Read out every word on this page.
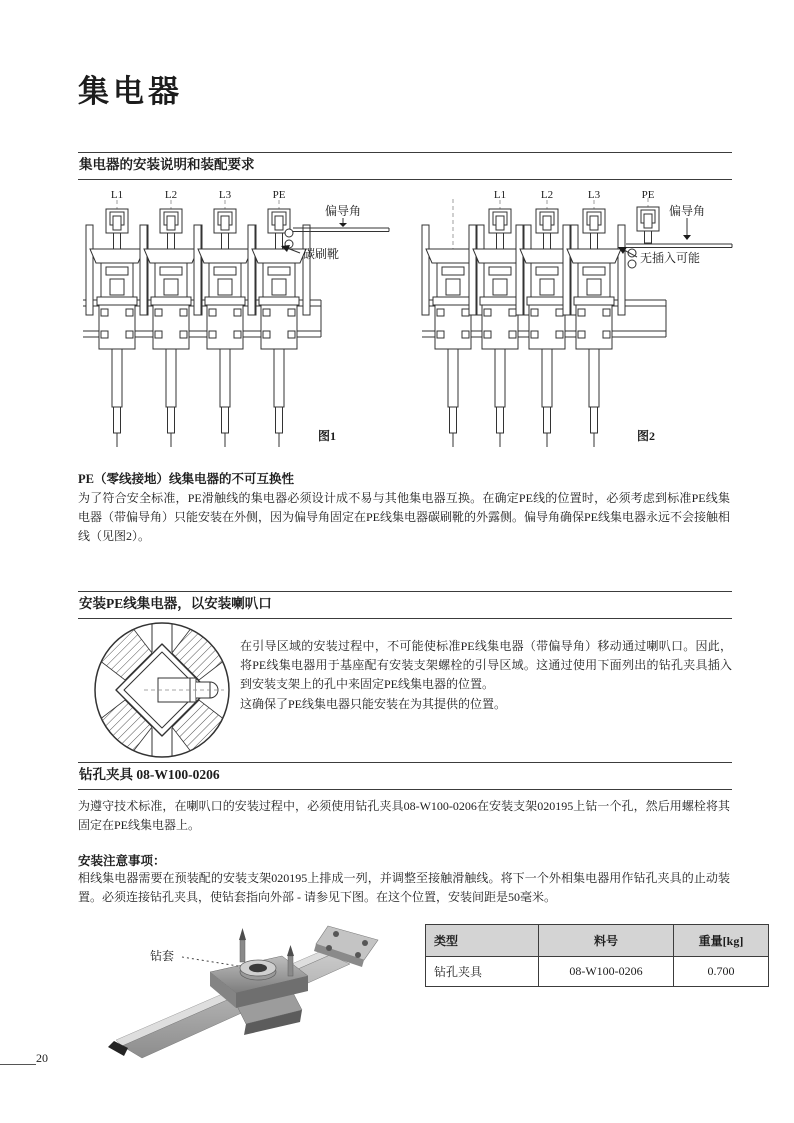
集电器
集电器的安装说明和装配要求
L1	L2	L3	PE
偏导角
碳刷靴
图1
L1	L2	L3	PE
偏导角
无插入可能
图2

PE（零线接地）线集电器的不可互换性

为了符合安全标准，PE滑触线的集电器必须设计成不易与其他集电器互换。在确定PE线的位置时，必须考虑到标准PE线集电器（带偏导角）只能安装在外侧，因为偏导角固定在PE线集电器碳刷靴的外露侧。偏导角确保PE线集电器永远不会接触相线（见图2）。

安装PE线集电器，以安装喇叭口

在引导区域的安装过程中，不可能使标准PE线集电器（带偏导角）移动通过喇叭口。因此，将PE线集电器用于基座配有安装支架螺栓的引导区域。这通过使用下面列出的钻孔夹具插入到安装支架上的孔中来固定PE线集电器的位置。

这确保了PE线集电器只能安装在为其提供的位置。

钻孔夹具 08-W100-0206

为遵守技术标准，在喇叭口的安装过程中，必须使用钻孔夹具08-W100-0206在安装支架020195上钻一个孔，然后用螺栓将其固定在PE线集电器上。

安装注意事项：

相线集电器需要在预装配的安装支架020195上排成一列，并调整至接触滑触线。将下一个外相集电器用作钻孔夹具的止动装置。必须连接钻孔夹具，使钻套指向外部 - 请参见下图。在这个位置，安装间距是50毫米。

钻套
类型	料号	重量[kg]
钻孔夹具	08-W100-0206	0.700
20
